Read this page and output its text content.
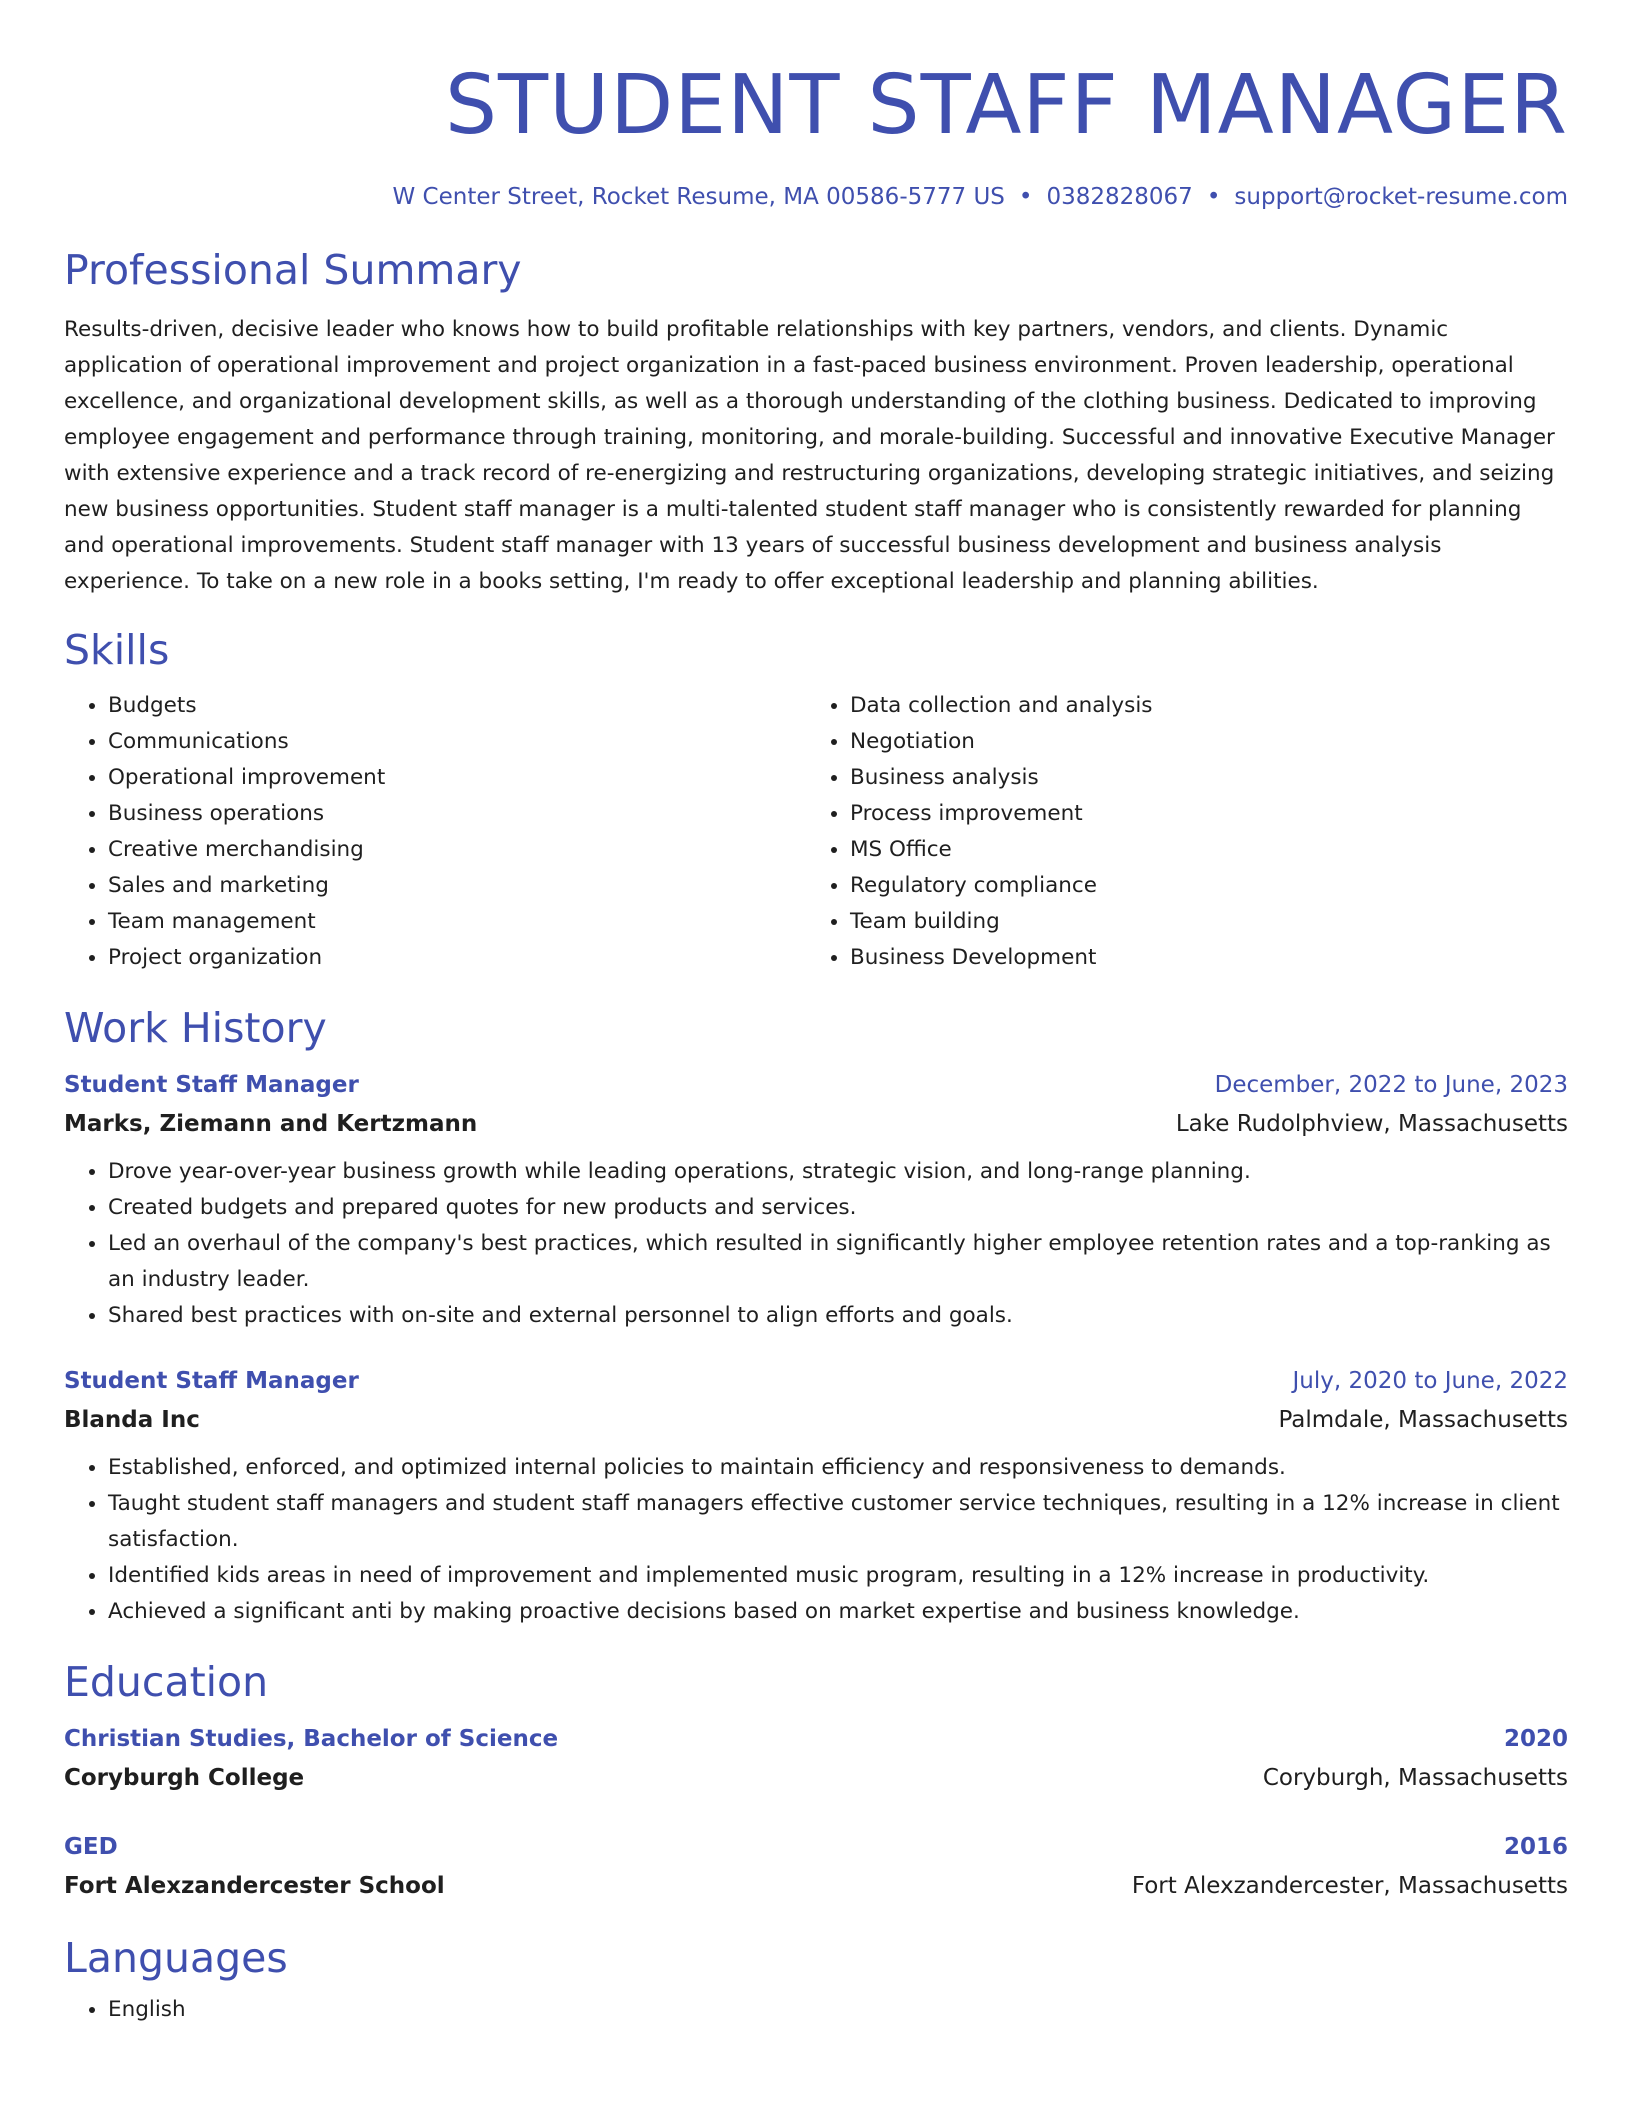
STUDENT STAFF MANAGER
W Center Street, Rocket Resume, MA 00586-5777 US • 0382828067 • support@rocket-resume.com
Professional Summary

Results-driven, decisive leader who knows how to build profitable relationships with key partners, vendors, and clients. Dynamic application of operational improvement and project organization in a fast-paced business environment. Proven leadership, operational excellence, and organizational development skills, as well as a thorough understanding of the clothing business. Dedicated to improving employee engagement and performance through training, monitoring, and morale-building. Successful and innovative Executive Manager with extensive experience and a track record of re-energizing and restructuring organizations, developing strategic initiatives, and seizing new business opportunities. Student staff manager is a multi-talented student staff manager who is consistently rewarded for planning and operational improvements. Student staff manager with 13 years of successful business development and business analysis experience. To take on a new role in a books setting, I'm ready to offer exceptional leadership and planning abilities.

Skills
• Budgets
• Communications
• Operational improvement
• Business operations
• Creative merchandising
• Sales and marketing
• Team management
• Project organization
• Data collection and analysis
• Negotiation
• Business analysis
• Process improvement
• MS Office
• Regulatory compliance
• Team building
• Business Development
Work History
Student Staff Manager	December, 2022 to June, 2023
Marks, Ziemann and Kertzmann	Lake Rudolphview, Massachusetts
• Drove year-over-year business growth while leading operations, strategic vision, and long-range planning.
• Created budgets and prepared quotes for new products and services.
• Led an overhaul of the company's best practices, which resulted in significantly higher employee retention rates and a top-ranking as an industry leader.
• Shared best practices with on-site and external personnel to align efforts and goals.
Student Staff Manager	July, 2020 to June, 2022
Blanda Inc	Palmdale, Massachusetts
• Established, enforced, and optimized internal policies to maintain efficiency and responsiveness to demands.
• Taught student staff managers and student staff managers effective customer service techniques, resulting in a 12% increase in client satisfaction.
• Identified kids areas in need of improvement and implemented music program, resulting in a 12% increase in productivity.
• Achieved a significant anti by making proactive decisions based on market expertise and business knowledge.
Education
Christian Studies, Bachelor of Science	2020
Coryburgh College	Coryburgh, Massachusetts
GED	2016
Fort Alexzandercester School	Fort Alexzandercester, Massachusetts
Languages
• English
